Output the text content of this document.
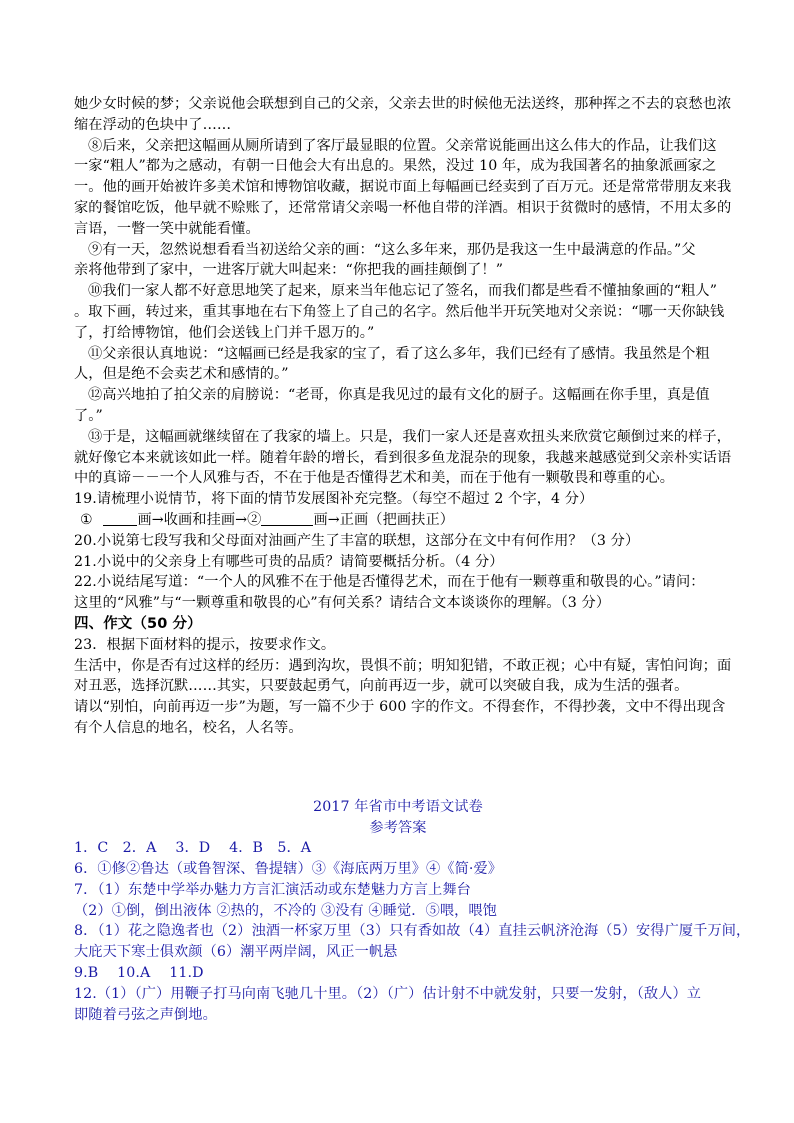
她少女时候的梦；父亲说他会联想到自己的父亲，父亲去世的时候他无法送终，那种挥之不去的哀愁也浓
缩在浮动的色块中了……
⑧后来，父亲把这幅画从厕所请到了客厅最显眼的位置。父亲常说能画出这么伟大的作品，让我们这
一家“粗人”都为之感动，有朝一日他会大有出息的。果然，没过 10 年，成为我国著名的抽象派画家之
一。他的画开始被许多美术馆和博物馆收藏，据说市面上每幅画已经卖到了百万元。还是常常带朋友来我
家的餐馆吃饭，他早就不赊账了，还常常请父亲喝一杯他自带的洋酒。相识于贫微时的感情，不用太多的
言语，一瞥一笑中就能看懂。
⑨有一天，忽然说想看看当初送给父亲的画：“这么多年来，那仍是我这一生中最满意的作品。”父
亲将他带到了家中，一进客厅就大叫起来：“你把我的画挂颠倒了！”
⑩我们一家人都不好意思地笑了起来，原来当年他忘记了签名，而我们都是些看不懂抽象画的“粗人”
。取下画，转过来，重其事地在右下角签上了自己的名字。然后他半开玩笑地对父亲说：“哪一天你缺钱
了，打给博物馆，他们会送钱上门并千恩万的。”
⑪父亲很认真地说：“这幅画已经是我家的宝了，看了这么多年，我们已经有了感情。我虽然是个粗
人，但是绝不会卖艺术和感情的。”
⑫高兴地拍了拍父亲的肩膀说：“老哥，你真是我见过的最有文化的厨子。这幅画在你手里，真是值
了。”
⑬于是，这幅画就继续留在了我家的墙上。只是，我们一家人还是喜欢扭头来欣赏它颠倒过来的样子，
就好像它本来就该如此一样。随着年龄的增长，看到很多鱼龙混杂的现象，我越来越感觉到父亲朴实话语
中的真谛－－一个人风雅与否，不在于他是否懂得艺术和美，而在于他有一颗敬畏和尊重的心。
19.请梳理小说情节，将下面的情节发展图补充完整。（每空不超过 2 个字，4 分）
①	画→收画和挂画→②	画→正画（把画扶正）
20.小说第七段写我和父母面对油画产生了丰富的联想，这部分在文中有何作用？（3 分）
21.小说中的父亲身上有哪些可贵的品质？请简要概括分析。（4 分）
22.小说结尾写道：“一个人的风雅不在于他是否懂得艺术，而在于他有一颗尊重和敬畏的心。”请问：
这里的“风雅”与“一颗尊重和敬畏的心”有何关系？请结合文本谈谈你的理解。（3 分）
四、作文（50 分）
23．根据下面材料的提示，按要求作文。
生活中，你是否有过这样的经历：遇到沟坎，畏惧不前；明知犯错，不敢正视；心中有疑，害怕问询；面
对丑恶，选择沉默……其实，只要鼓起勇气，向前再迈一步，就可以突破自我，成为生活的强者。
请以“别怕，向前再迈一步”为题，写一篇不少于 600 字的作文。不得套作，不得抄袭，文中不得出现含
有个人信息的地名，校名，人名等。
2017 年省市中考语文试卷
参考答案
1．C　2．A　 3．D　 4．B　5．A
6．①修②鲁达（或鲁智深、鲁提辖）③《海底两万里》④《简·爱》
7．（1）东楚中学举办魅力方言汇演活动或东楚魅力方言上舞台
（2）①倒，倒出液体 ②热的，不冷的 ③没有 ④睡觉．⑤喂，喂饱
8．（1）花之隐逸者也（2）浊酒一杯家万里（3）只有香如故（4）直挂云帆济沧海（5）安得广厦千万间，
大庇天下寒士俱欢颜（6）潮平两岸阔，风正一帆悬
9.B　 10.A　 11.D
12.（1）（广）用鞭子打马向南飞驰几十里。（2）（广）估计射不中就发射，只要一发射，（敌人）立
即随着弓弦之声倒地。
